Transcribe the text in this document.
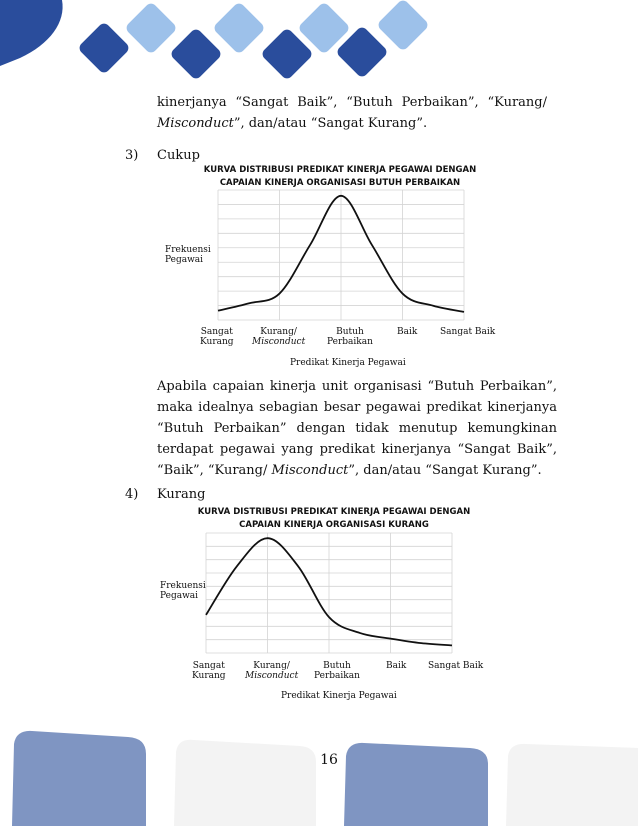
kinerjanya “Sangat Baik”, “Butuh Perbaikan”, “Kurang/
Misconduct”, dan/atau “Sangat Kurang”.
3) Cukup
KURVA DISTRIBUSI PREDIKAT KINERJA PEGAWAI DENGAN
CAPAIAN KINERJA ORGANISASI BUTUH PERBAIKAN
Frekuensi
Pegawai
Sangat
Kurang
Kurang/
Misconduct
Butuh
Perbaikan
Baik	Sangat Baik
Predikat Kinerja Pegawai
Apabila capaian kinerja unit organisasi “Butuh Perbaikan”,
maka idealnya sebagian besar pegawai predikat kinerjanya
“Butuh Perbaikan” dengan tidak menutup kemungkinan
terdapat pegawai yang predikat kinerjanya “Sangat Baik”,
“Baik”, “Kurang/ Misconduct”, dan/atau “Sangat Kurang”.
4) Kurang
KURVA DISTRIBUSI PREDIKAT KINERJA PEGAWAI DENGAN
CAPAIAN KINERJA ORGANISASI KURANG
Frekuensi
Pegawai
Sangat
Kurang
Kurang/
Misconduct
Butuh
Perbaikan
Baik Sangat Baik
Predikat Kinerja Pegawai
16
